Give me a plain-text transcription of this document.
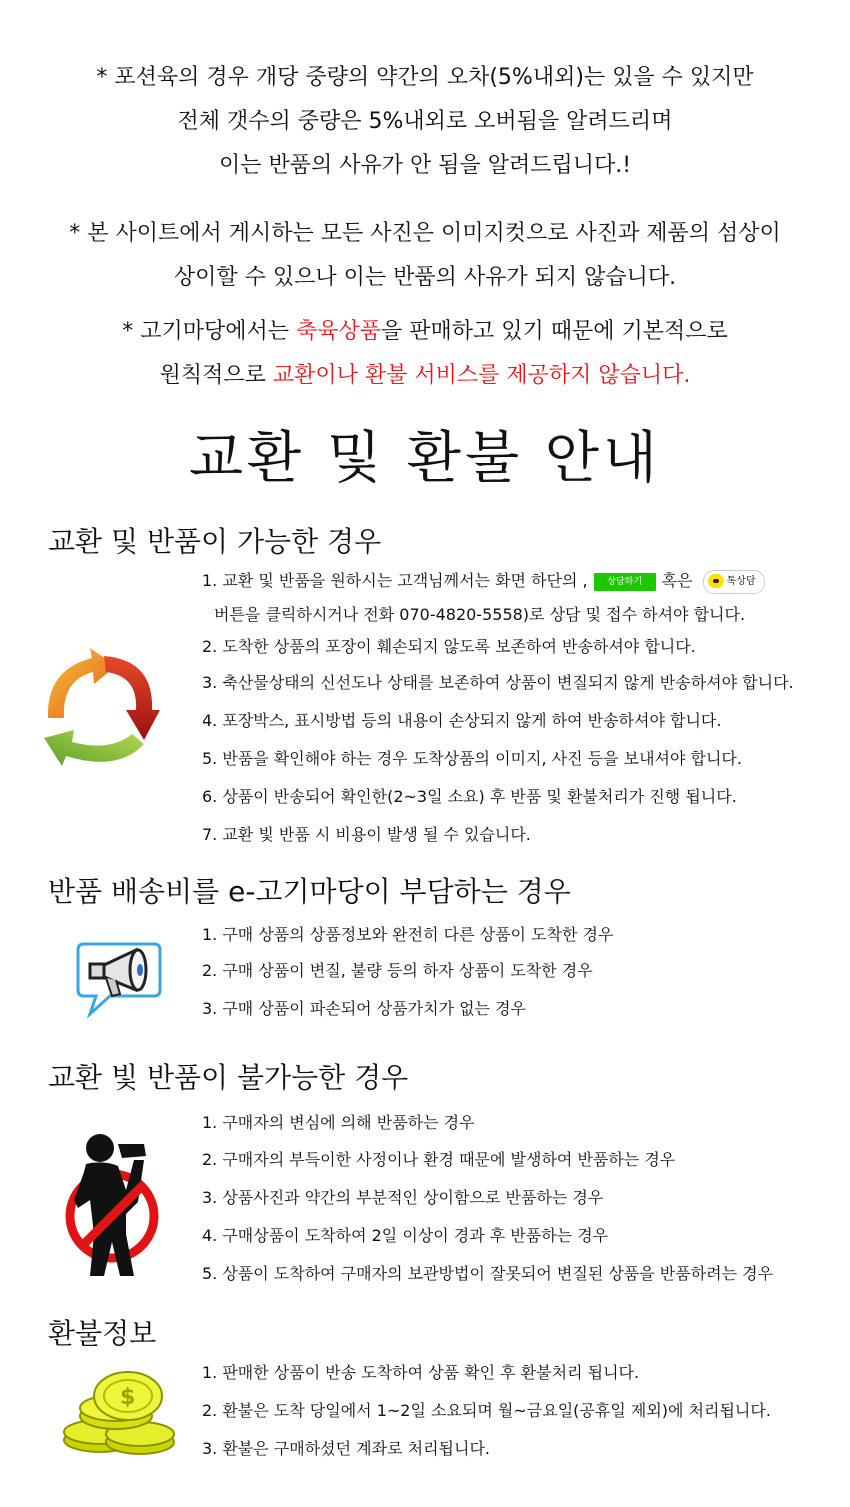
* 포션육의 경우 개당 중량의 약간의 오차(5%내외)는 있을 수 있지만
전체 갯수의 중량은 5%내외로 오버됨을 알려드리며
이는 반품의 사유가 안 됨을 알려드립니다.!
* 본 사이트에서 게시하는 모든 사진은 이미지컷으로 사진과 제품의 섬상이
상이할 수 있으나 이는 반품의 사유가 되지 않습니다.
* 고기마당에서는 축육상품을 판매하고 있기 때문에 기본적으로
원칙적으로 교환이나 환불 서비스를 제공하지 않습니다.
교환 및 환불 안내
교환 및 반품이 가능한 경우
1. 교환 및 반품을 원하시는 고객님께서는 화면 하단의 , 상담하기 혹은	톡상담
버튼을 클릭하시거나 전화 070-4820-5558)로 상담 및 접수 하셔야 합니다.
2. 도착한 상품의 포장이 훼손되지 않도록 보존하여 반송하셔야 합니다.
3. 축산물상태의 신선도나 상태를 보존하여 상품이 변질되지 않게 반송하셔야 합니다.
4. 포장박스, 표시방법 등의 내용이 손상되지 않게 하여 반송하셔야 합니다.
5. 반품을 확인해야 하는 경우 도착상품의 이미지, 사진 등을 보내셔야 합니다.
6. 상품이 반송되어 확인한(2~3일 소요) 후 반품 및 환불처리가 진행 됩니다.
7. 교환 빛 반품 시 비용이 발생 될 수 있습니다.
반품 배송비를 e-고기마당이 부담하는 경우
1. 구매 상품의 상품정보와 완전히 다른 상품이 도착한 경우
2. 구매 상품이 변질, 불량 등의 하자 상품이 도착한 경우
3. 구매 상품이 파손되어 상품가치가 없는 경우
교환 빛 반품이 불가능한 경우
1. 구매자의 변심에 의해 반품하는 경우
2. 구매자의 부득이한 사정이나 환경 때문에 발생하여 반품하는 경우
3. 상품사진과 약간의 부분적인 상이함으로 반품하는 경우
4. 구매상품이 도착하여 2일 이상이 경과 후 반품하는 경우
5. 상품이 도착하여 구매자의 보관방법이 잘못되어 변질된 상품을 반품하려는 경우
환불정보
$
1. 판매한 상품이 반송 도착하여 상품 확인 후 환불처리 됩니다.
2. 환불은 도착 당일에서 1~2일 소요되며 월~금요일(공휴일 제외)에 처리됩니다.
3. 환불은 구매하셨던 계좌로 처리됩니다.
